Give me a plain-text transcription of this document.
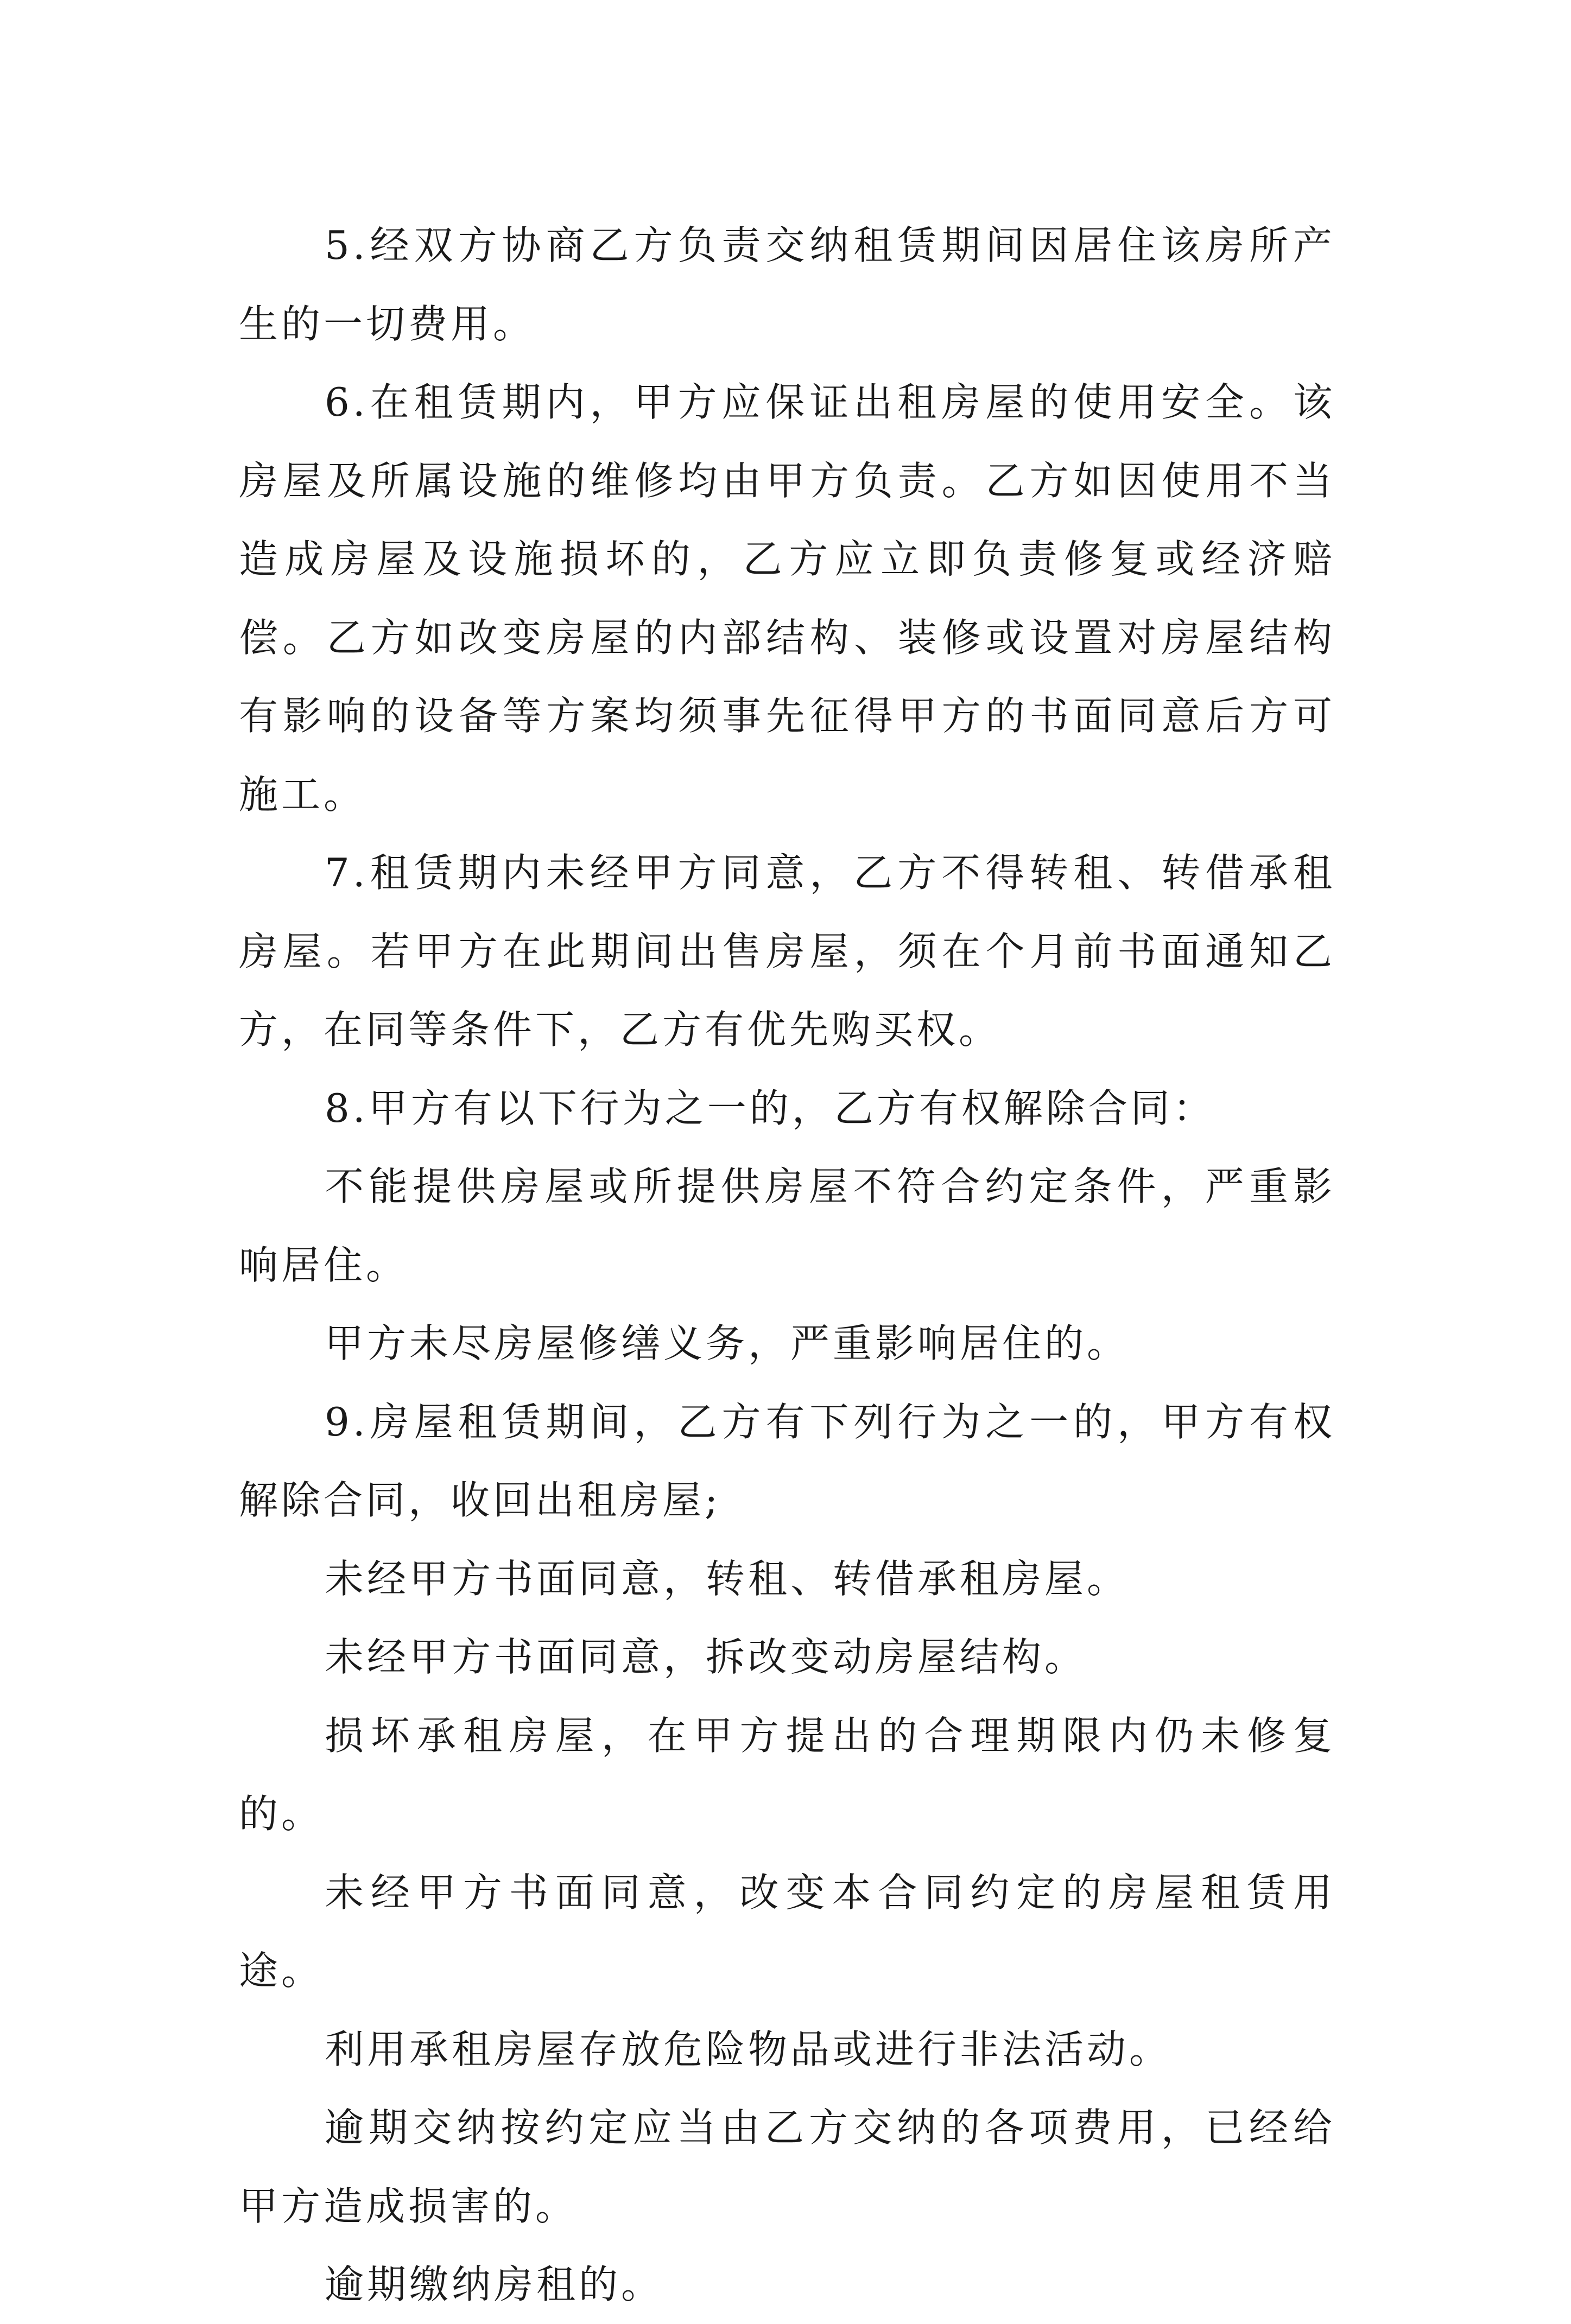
5.经双方协商乙方负责交纳租赁期间因居住该房所产生的一切费用。

6.在租赁期内，甲方应保证出租房屋的使用安全。该房屋及所属设施的维修均由甲方负责。乙方如因使用不当造成房屋及设施损坏的，乙方应立即负责修复或经济赔偿。乙方如改变房屋的内部结构、装修或设置对房屋结构有影响的设备等方案均须事先征得甲方的书面同意后方可施工。

7.租赁期内未经甲方同意，乙方不得转租、转借承租房屋。若甲方在此期间出售房屋，须在个月前书面通知乙方，在同等条件下，乙方有优先购买权。

8.甲方有以下行为之一的，乙方有权解除合同：

不能提供房屋或所提供房屋不符合约定条件，严重影响居住。

甲方未尽房屋修缮义务，严重影响居住的。

9.房屋租赁期间，乙方有下列行为之一的，甲方有权解除合同，收回出租房屋;

未经甲方书面同意，转租、转借承租房屋。

未经甲方书面同意，拆改变动房屋结构。

损坏承租房屋，在甲方提出的合理期限内仍未修复的。

未经甲方书面同意，改变本合同约定的房屋租赁用途。

利用承租房屋存放危险物品或进行非法活动。

逾期交纳按约定应当由乙方交纳的各项费用，已经给甲方造成损害的。

逾期缴纳房租的。
